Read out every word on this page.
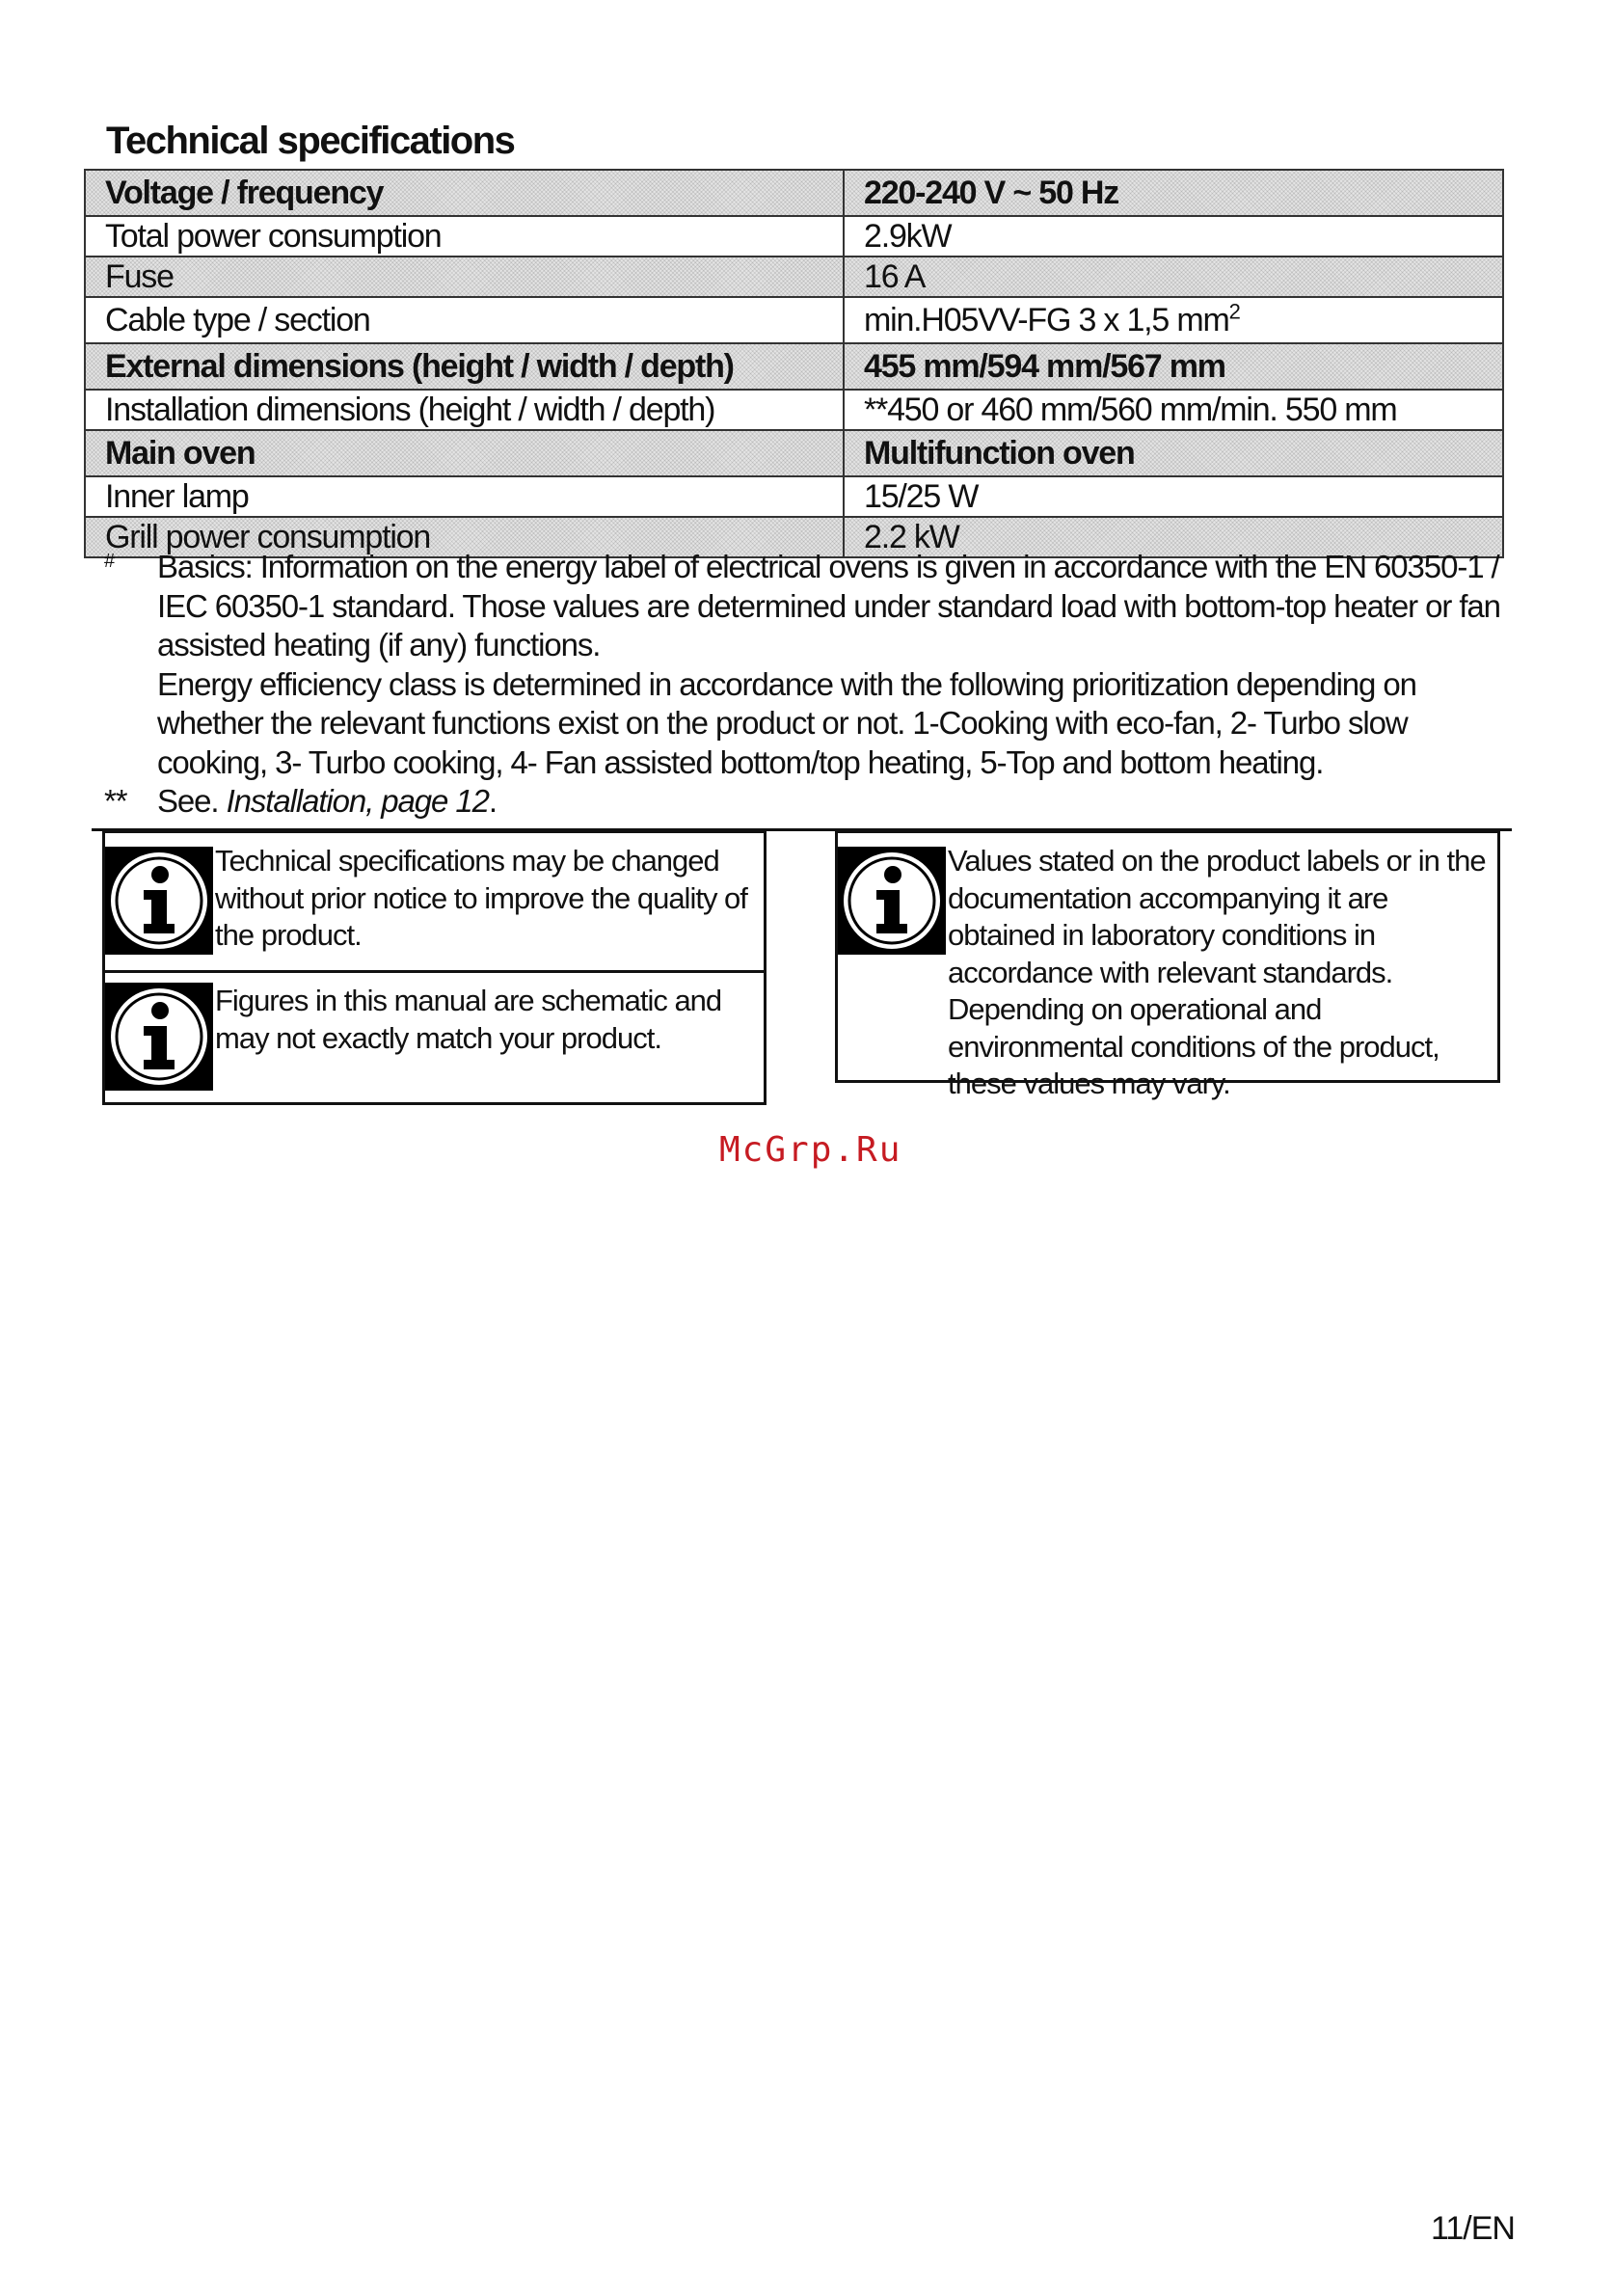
Technical specifications
Voltage / frequency	220-240 V ~ 50 Hz
Total power consumption	2.9kW
Fuse	16 A
Cable type / section	min.H05VV-FG 3 x 1,5 $mm^2$
External dimensions (height / width / depth)	455 mm/594 mm/567 mm
Installation dimensions (height / width / depth)	**450 or 460 mm/560 mm/min. 550 mm
Main oven	Multifunction oven
Inner lamp	15/25 W
Grill power consumption	2.2 kW
#	Basics: Information on the energy label of electrical ovens is given in accordance with the EN 60350-1 / IEC 60350-1 standard. Those values are determined under standard load with bottom-top heater or fan assisted heating (if any) functions.

Energy efficiency class is determined in accordance with the following prioritization depending on whether the relevant functions exist on the product or not. 1-Cooking with eco-fan, 2- Turbo slow cooking, 3- Turbo cooking, 4- Fan assisted bottom/top heating, 5-Top and bottom heating.

** See. Installation, page 12.
Technical specifications may be changed without prior notice to improve the quality of the product.
Figures in this manual are schematic and may not exactly match your product.
Values stated on the product labels or in the documentation accompanying it are obtained in laboratory conditions in accordance with relevant standards. Depending on operational and environmental conditions of the product, these values may vary.
McGrp.Ru
11/EN
